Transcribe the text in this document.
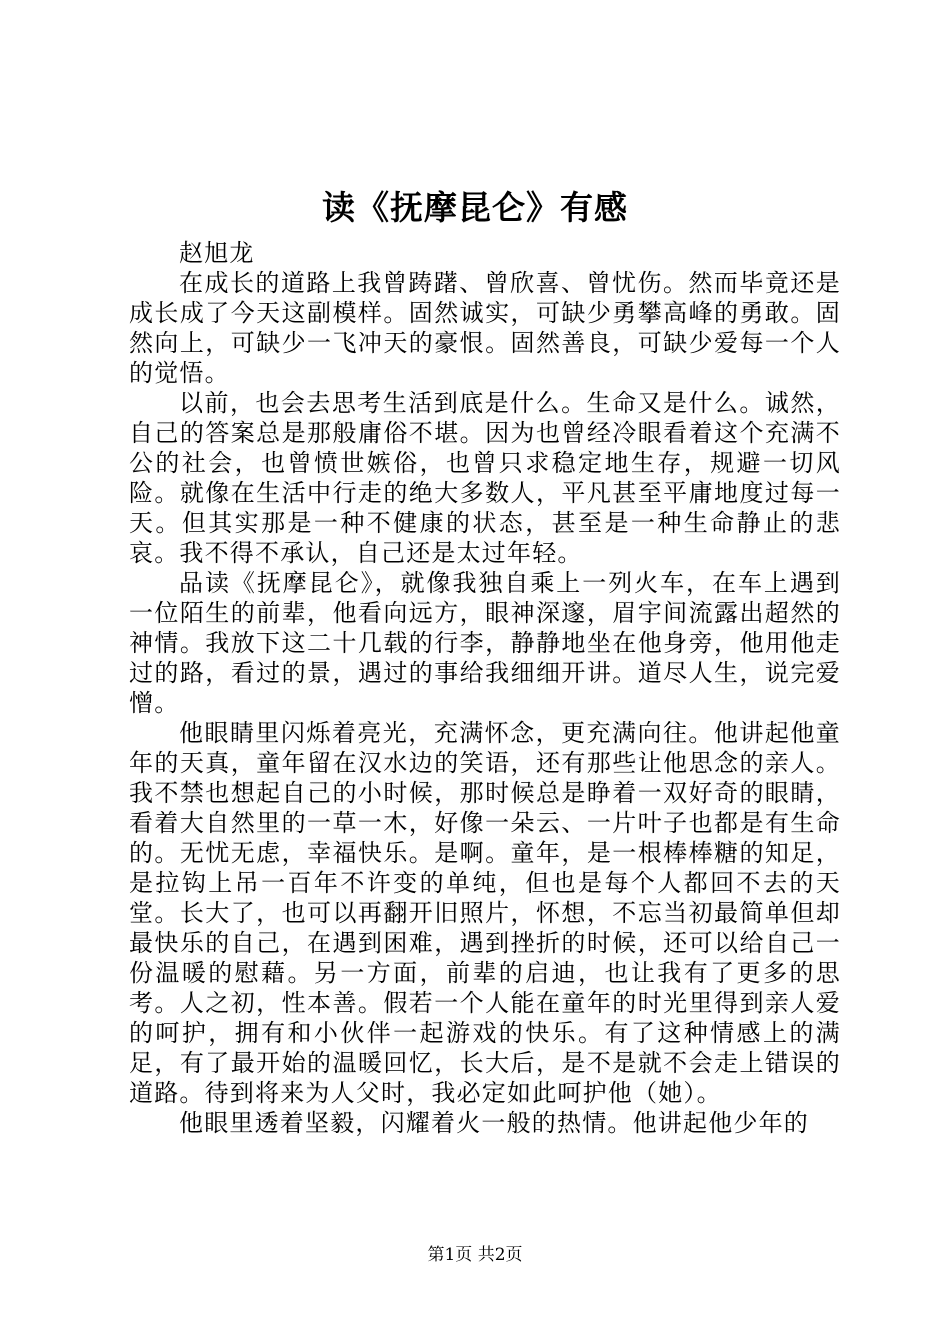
读《抚摩昆仑》有感

赵旭龙

在成长的道路上我曾踌躇、曾欣喜、曾忧伤。然而毕竟还是成长成了今天这副模样。固然诚实，可缺少勇攀高峰的勇敢。固然向上，可缺少一飞冲天的豪恨。固然善良，可缺少爱每一个人的觉悟。

以前，也会去思考生活到底是什么。生命又是什么。诚然，自己的答案总是那般庸俗不堪。因为也曾经冷眼看着这个充满不公的社会，也曾愤世嫉俗，也曾只求稳定地生存，规避一切风险。就像在生活中行走的绝大多数人，平凡甚至平庸地度过每一天。但其实那是一种不健康的状态，甚至是一种生命静止的悲哀。我不得不承认，自己还是太过年轻。

品读《抚摩昆仑》，就像我独自乘上一列火车，在车上遇到一位陌生的前辈，他看向远方，眼神深邃，眉宇间流露出超然的神情。我放下这二十几载的行李，静静地坐在他身旁，他用他走过的路，看过的景，遇过的事给我细细开讲。道尽人生，说完爱憎。

他眼睛里闪烁着亮光，充满怀念，更充满向往。他讲起他童年的天真，童年留在汉水边的笑语，还有那些让他思念的亲人。我不禁也想起自己的小时候，那时候总是睁着一双好奇的眼睛，看着大自然里的一草一木，好像一朵云、一片叶子也都是有生命的。无忧无虑，幸福快乐。是啊。童年，是一根棒棒糖的知足，是拉钩上吊一百年不许变的单纯，但也是每个人都回不去的天堂。长大了，也可以再翻开旧照片，怀想，不忘当初最简单但却最快乐的自己，在遇到困难，遇到挫折的时候，还可以给自己一份温暖的慰藉。另一方面，前辈的启迪，也让我有了更多的思考。人之初，性本善。假若一个人能在童年的时光里得到亲人爱的呵护，拥有和小伙伴一起游戏的快乐。有了这种情感上的满足，有了最开始的温暖回忆，长大后，是不是就不会走上错误的道路。待到将来为人父时，我必定如此呵护他（她）。

他眼里透着坚毅，闪耀着火一般的热情。他讲起他少年的

第1页 共2页
